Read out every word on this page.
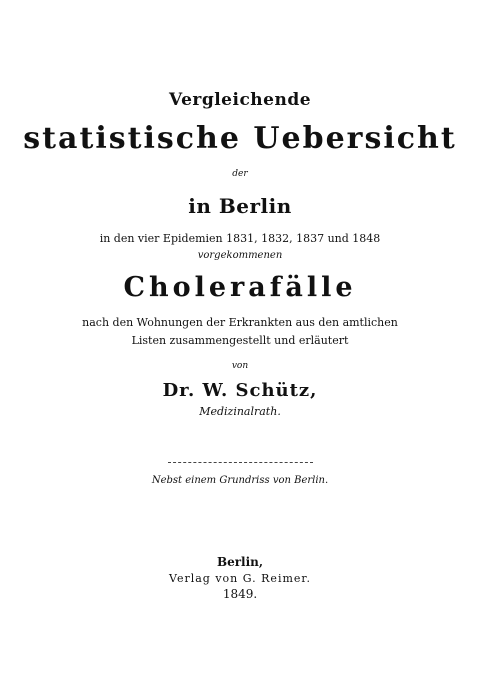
Vergleichende
statistische Uebersicht
der
in Berlin
in den vier Epidemien 1831, 1832, 1837 und 1848
vorgekommenen
Cholerafälle
nach den Wohnungen der Erkrankten aus den amtlichen
Listen zusammengestellt und erläutert
von
Dr. W. Schütz,
Medizinalrath.
Nebst einem Grundriss von Berlin.
Berlin,
Verlag von G. Reimer.
1849.
